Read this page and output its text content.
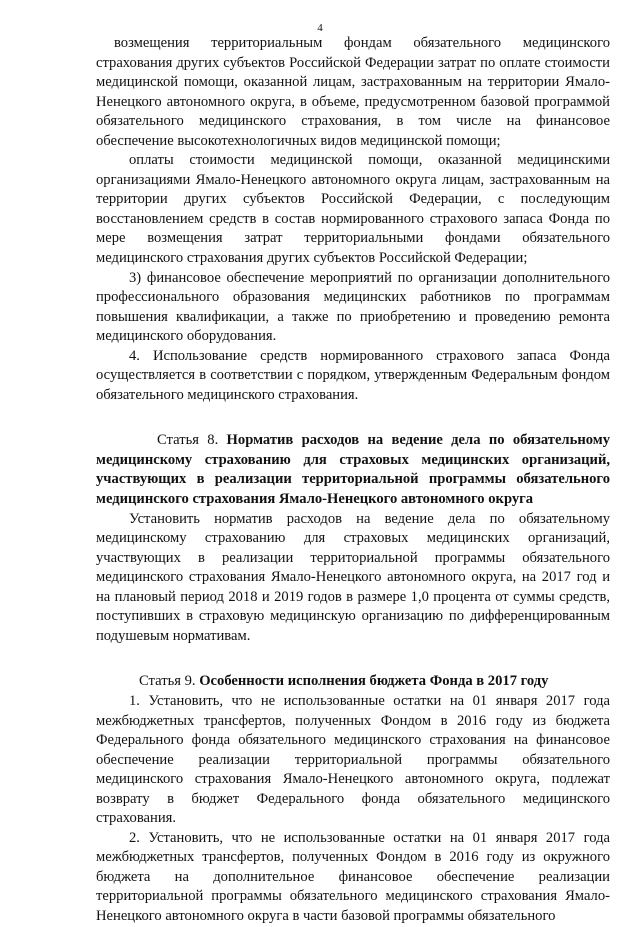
4

возмещения территориальным фондам обязательного медицинского страхования других субъектов Российской Федерации затрат по оплате стоимости медицинской помощи, оказанной лицам, застрахованным на территории Ямало-Ненецкого автономного округа, в объеме, предусмотренном базовой программой обязательного медицинского страхования, в том числе на финансовое обеспечение высокотехнологичных видов медицинской помощи;

оплаты стоимости медицинской помощи, оказанной медицинскими организациями Ямало-Ненецкого автономного округа лицам, застрахованным на территории других субъектов Российской Федерации, с последующим восстановлением средств в состав нормированного страхового запаса Фонда по мере возмещения затрат территориальными фондами обязательного медицинского страхования других субъектов Российской Федерации;

3) финансовое обеспечение мероприятий по организации дополнительного профессионального образования медицинских работников по программам повышения квалификации, а также по приобретению и проведению ремонта медицинского оборудования.

4. Использование средств нормированного страхового запаса Фонда осуществляется в соответствии с порядком, утвержденным Федеральным фондом обязательного медицинского страхования.

Статья 8. Норматив расходов на ведение дела по обязательному медицинскому страхованию для страховых медицинских организаций, участвующих в реализации территориальной программы обязательного медицинского страхования Ямало-Ненецкого автономного округа

Установить норматив расходов на ведение дела по обязательному медицинскому страхованию для страховых медицинских организаций, участвующих в реализации территориальной программы обязательного медицинского страхования Ямало-Ненецкого автономного округа, на 2017 год и на плановый период 2018 и 2019 годов в размере 1,0 процента от суммы средств, поступивших в страховую медицинскую организацию по дифференцированным подушевым нормативам.

Статья 9. Особенности исполнения бюджета Фонда в 2017 году

1. Установить, что не использованные остатки на 01 января 2017 года межбюджетных трансфертов, полученных Фондом в 2016 году из бюджета Федерального фонда обязательного медицинского страхования на финансовое обеспечение реализации территориальной программы обязательного медицинского страхования Ямало-Ненецкого автономного округа, подлежат возврату в бюджет Федерального фонда обязательного медицинского страхования.

2. Установить, что не использованные остатки на 01 января 2017 года межбюджетных трансфертов, полученных Фондом в 2016 году из окружного бюджета на дополнительное финансовое обеспечение реализации территориальной программы обязательного медицинского страхования Ямало-Ненецкого автономного округа в части базовой программы обязательного
